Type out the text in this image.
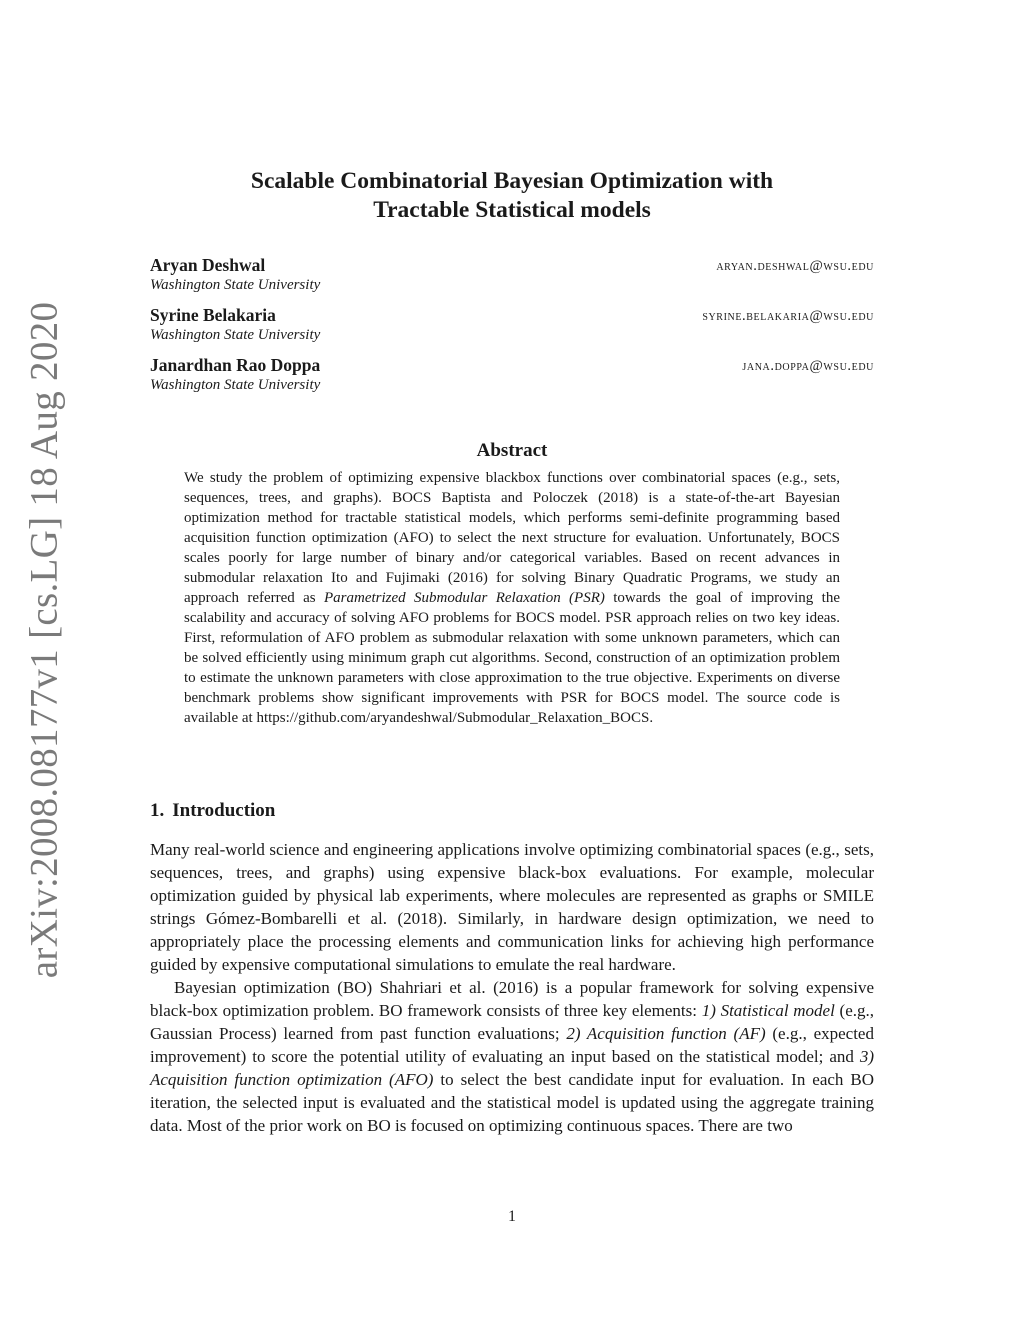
arXiv:2008.08177v1 [cs.LG] 18 Aug 2020
Scalable Combinatorial Bayesian Optimization with
Tractable Statistical models
Aryan Deshwal	aryan.deshwal@wsu.edu
Washington State University
Syrine Belakaria	syrine.belakaria@wsu.edu
Washington State University
Janardhan Rao Doppa	jana.doppa@wsu.edu
Washington State University
Abstract
We study the problem of optimizing expensive blackbox functions over combinatorial spaces (e.g., sets, sequences, trees, and graphs). BOCS Baptista and Poloczek (2018) is a state-of-the-art Bayesian optimization method for tractable statistical models, which performs semi-definite programming based acquisition function optimization (AFO) to select the next structure for evaluation. Unfortunately, BOCS scales poorly for large number of binary and/or categorical variables. Based on recent advances in submodular relaxation Ito and Fujimaki (2016) for solving Binary Quadratic Programs, we study an approach referred as Parametrized Submodular Relaxation (PSR) towards the goal of improving the scalability and accuracy of solving AFO problems for BOCS model. PSR approach relies on two key ideas. First, reformulation of AFO problem as submodular relaxation with some unknown parameters, which can be solved efficiently using minimum graph cut algorithms. Second, construction of an optimization problem to estimate the unknown parameters with close approximation to the true objective. Experiments on diverse benchmark problems show significant improvements with PSR for BOCS model. The source code is available at https://github.com/aryandeshwal/Submodular_Relaxation_BOCS.
1. Introduction

Many real-world science and engineering applications involve optimizing combinatorial spaces (e.g., sets, sequences, trees, and graphs) using expensive black-box evaluations. For example, molecular optimization guided by physical lab experiments, where molecules are represented as graphs or SMILE strings Gómez-Bombarelli et al. (2018). Similarly, in hardware design optimization, we need to appropriately place the processing elements and communication links for achieving high performance guided by expensive computational simulations to emulate the real hardware.

Bayesian optimization (BO) Shahriari et al. (2016) is a popular framework for solving expensive black-box optimization problem. BO framework consists of three key elements: 1) Statistical model (e.g., Gaussian Process) learned from past function evaluations; 2) Acquisition function (AF) (e.g., expected improvement) to score the potential utility of evaluating an input based on the statistical model; and 3) Acquisition function optimization (AFO) to select the best candidate input for evaluation. In each BO iteration, the selected input is evaluated and the statistical model is updated using the aggregate training data. Most of the prior work on BO is focused on optimizing continuous spaces. There are two

1
